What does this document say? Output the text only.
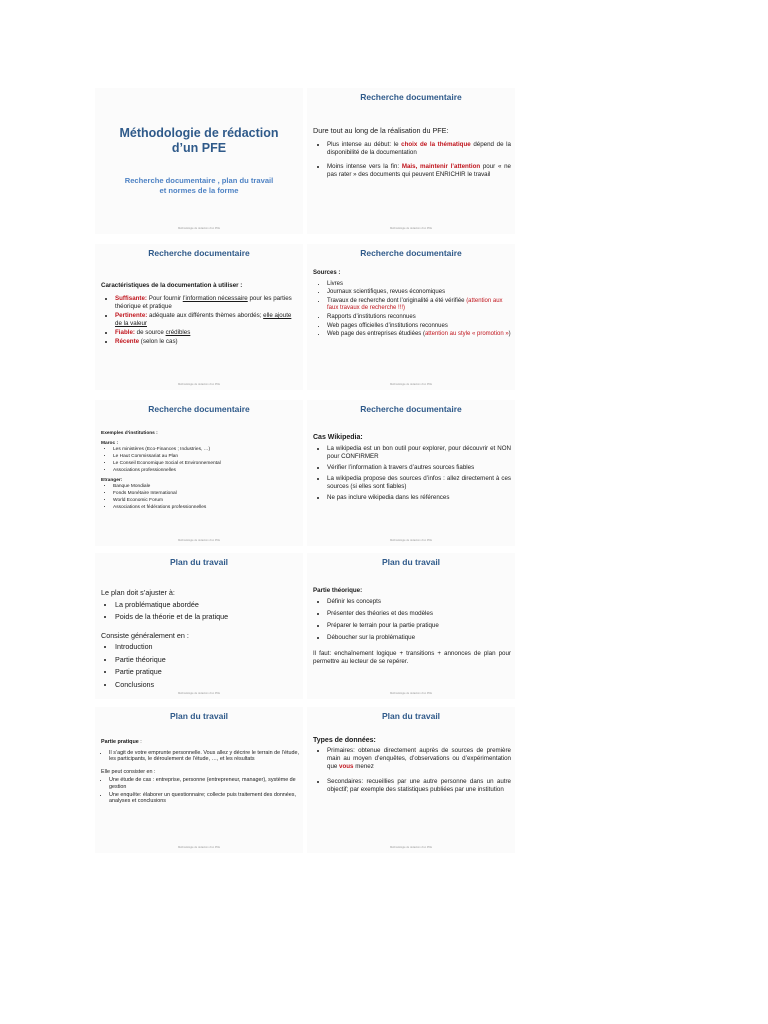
Méthodologie de rédaction d’un PFE
Recherche documentaire , plan du travail et normes de la forme
Méthodologie de rédaction d'un PFE
Recherche documentaire
Dure tout au long de la réalisation du PFE:
• Plus intense au début: le choix de la thématique dépend de la disponibilité de la documentation
• Moins intense vers la fin: Mais, maintenir l’attention pour « ne pas rater » des documents qui peuvent ENRICHIR le travail
Méthodologie de rédaction d'un PFE
Recherche documentaire
Caractéristiques de la documentation à utiliser :
• Suffisante: Pour fournir l’information nécessaire pour les parties théorique et pratique
• Pertinente: adéquate aux différents thèmes abordés; elle ajoute de la valeur
• Fiable: de source crédibles
• Récente (selon le cas)
Méthodologie de rédaction d'un PFE
Recherche documentaire
Sources :
• Livres
• Journaux scientifiques, revues économiques
• Travaux de recherche dont l’originalité a été vérifiée (attention aux faux travaux de recherche !!!)
• Rapports d’institutions reconnues
• Web pages officielles d’institutions reconnues
• Web page des entreprises étudiées (attention au style « promotion »)
Méthodologie de rédaction d'un PFE
Recherche documentaire
Exemples d’institutions :
Maroc :
• Les ministères (Eco-Finances ; Industries, …)
• Le Haut Commissariat au Plan
• Le Conseil Economique Social et Environnemental
• Associations professionnelles
Etranger:
• Banque Mondiale
• Fonds Monétaire International
• World Economic Forum
• Associations et fédérations professionnelles
Méthodologie de rédaction d'un PFE
Recherche documentaire
Cas Wikipedia:
• La wikipedia est un bon outil pour explorer, pour découvrir et NON pour CONFIRMER
• Vérifier l’information à travers d’autres sources fiables
• La wikipedia propose des sources d’infos : allez directement à ces sources (si elles sont fiables)
• Ne pas inclure wikipedia dans les références
Méthodologie de rédaction d'un PFE
Plan du travail
Le plan doit s’ajuster à:
• La problématique abordée
• Poids de la théorie et de la pratique
Consiste généralement en :
• Introduction
• Partie théorique
• Partie pratique
• Conclusions
Méthodologie de rédaction d'un PFE
Plan du travail
Partie théorique:
• Définir les concepts
• Présenter des théories et des modèles
• Préparer le terrain pour la partie pratique
• Déboucher sur la problématique
Il faut: enchaînement logique + transitions + annonces de plan pour permettre au lecteur de se repérer.
Méthodologie de rédaction d'un PFE
Plan du travail
Partie pratique :
• Il s’agit de votre emprunte personnelle. Vous allez y décrire le terrain de l’étude, les participants, le déroulement de l’étude, …, et les résultats
Elle peut consister en :
• Une étude de cas : entreprise, personne (entrepreneur, manager), système de gestion
• Une enquête: élaborer un questionnaire; collecte puis traitement des données, analyses et conclusions
Méthodologie de rédaction d'un PFE
Plan du travail
Types de données:
• Primaires: obtenue directement auprès de sources de première main au moyen d’enquêtes, d’observations ou d’expérimentation que vous menez
• Secondaires: recueillies par une autre personne dans un autre objectif; par exemple des statistiques publiées par une institution
Méthodologie de rédaction d'un PFE
